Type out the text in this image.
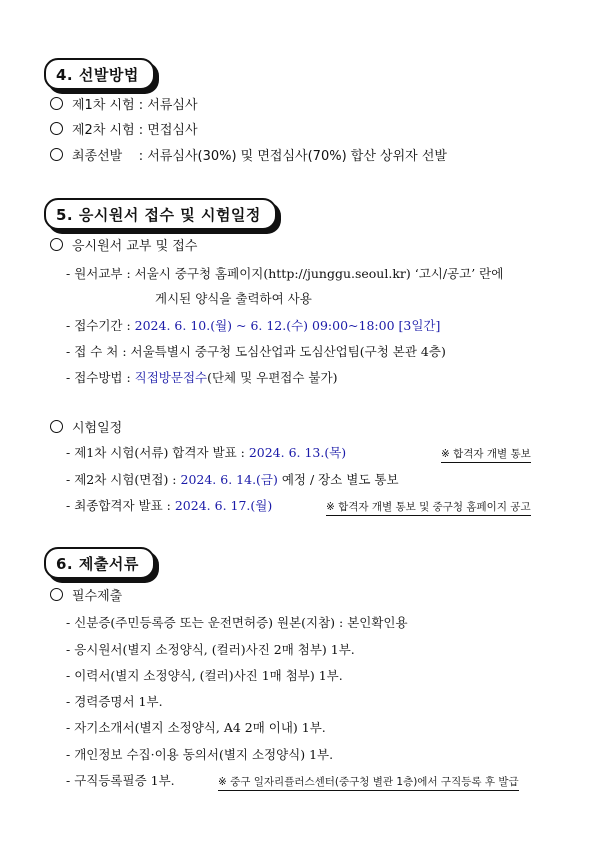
4. 선발방법
제1차 시험 : 서류심사
제2차 시험 : 면접심사
최종선발    : 서류심사(30%) 및 면접심사(70%) 합산 상위자 선발
5. 응시원서 접수 및 시험일정
응시원서 교부 및 접수
- 원서교부 : 서울시 중구청 홈페이지(http://junggu.seoul.kr) ‘고시/공고’ 란에
게시된 양식을 출력하여 사용
- 접수기간 : 2024. 6. 10.(월) ~ 6. 12.(수) 09:00~18:00 [3일간]
- 접 수 처 : 서울특별시 중구청 도심산업과 도심산업팀(구청 본관 4층)
- 접수방법 : 직접방문접수(단체 및 우편접수 불가)
시험일정
- 제1차 시험(서류) 합격자 발표 : 2024. 6. 13.(목)	※ 합격자 개별 통보
- 제2차 시험(면접) : 2024. 6. 14.(금) 예정 / 장소 별도 통보
- 최종합격자 발표 : 2024. 6. 17.(월)	※ 합격자 개별 통보 및 중구청 홈페이지 공고
6. 제출서류
필수제출
- 신분증(주민등록증 또는 운전면허증) 원본(지참) : 본인확인용
- 응시원서(별지 소정양식, (컬러)사진 2매 첨부) 1부.
- 이력서(별지 소정양식, (컬러)사진 1매 첨부) 1부.
- 경력증명서 1부.
- 자기소개서(별지 소정양식, A4 2매 이내) 1부.
- 개인정보 수집·이용 동의서(별지 소정양식) 1부.
- 구직등록필증 1부.	※ 중구 일자리플러스센터(중구청 별관 1층)에서 구직등록 후 발급
